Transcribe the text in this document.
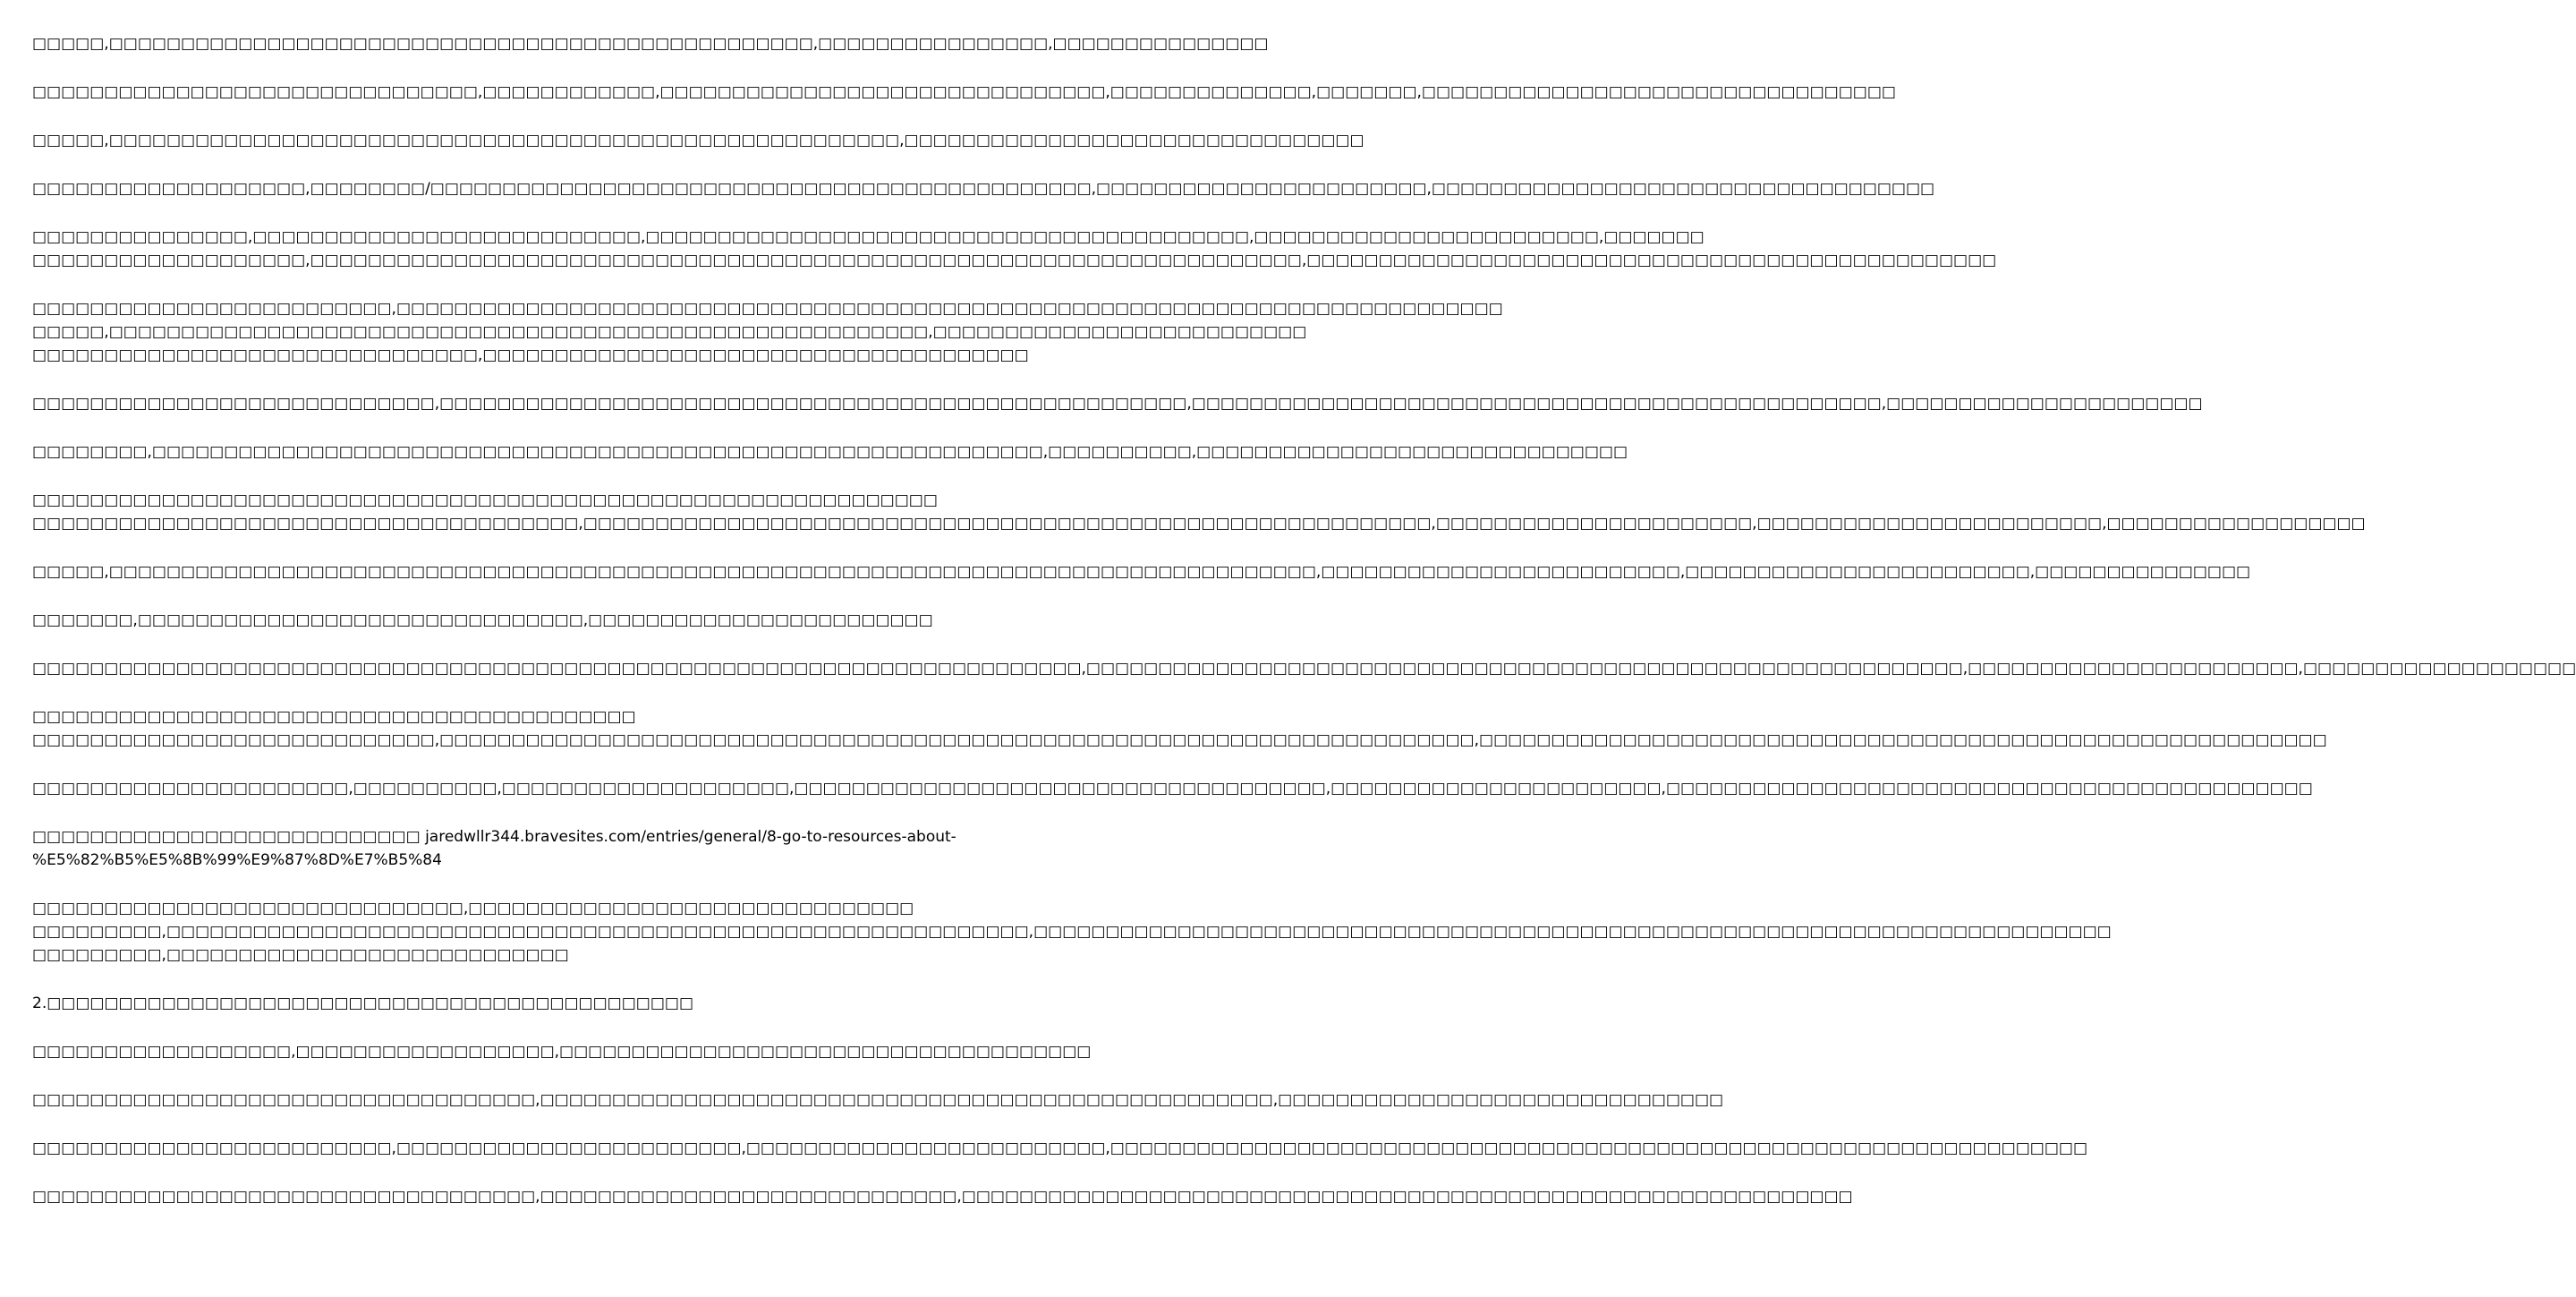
□□□□□,□□□□□□□□□□□□□□□□□□□□□□□□□□□□□□□□□□□□□□□□□□□□□□□□□,□□□□□□□□□□□□□□□□,□□□□□□□□□□□□□□□

□□□□□□□□□□□□□□□□□□□□□□□□□□□□□□□,□□□□□□□□□□□□,□□□□□□□□□□□□□□□□□□□□□□□□□□□□□□□,□□□□□□□□□□□□□□,□□□□□□□,□□□□□□□□□□□□□□□□□□□□□□□□□□□□□□□□□

□□□□□,□□□□□□□□□□□□□□□□□□□□□□□□□□□□□□□□□□□□□□□□□□□□□□□□□□□□□□□,□□□□□□□□□□□□□□□□□□□□□□□□□□□□□□□□

□□□□□□□□□□□□□□□□□□□,□□□□□□□□/□□□□□□□□□□□□□□□□□□□□□□□□□□□□□□□□□□□□□□□□□□□□□□,□□□□□□□□□□□□□□□□□□□□□□□,□□□□□□□□□□□□□□□□□□□□□□□□□□□□□□□□□□□

□□□□□□□□□□□□□□□,□□□□□□□□□□□□□□□□□□□□□□□□□□□,□□□□□□□□□□□□□□□□□□□□□□□□□□□□□□□□□□□□□□□□□□,□□□□□□□□□□□□□□□□□□□□□□□□,□□□□□□□
□□□□□□□□□□□□□□□□□□□,□□□□□□□□□□□□□□□□□□□□□□□□□□□□□□□□□□□□□□□□□□□□□□□□□□□□□□□□□□□□□□□□□□□□□,□□□□□□□□□□□□□□□□□□□□□□□□□□□□□□□□□□□□□□□□□□□□□□□□

□□□□□□□□□□□□□□□□□□□□□□□□□,□□□□□□□□□□□□□□□□□□□□□□□□□□□□□□□□□□□□□□□□□□□□□□□□□□□□□□□□□□□□□□□□□□□□□□□□□□□□□
□□□□□,□□□□□□□□□□□□□□□□□□□□□□□□□□□□□□□□□□□□□□□□□□□□□□□□□□□□□□□□□,□□□□□□□□□□□□□□□□□□□□□□□□□□
□□□□□□□□□□□□□□□□□□□□□□□□□□□□□□□,□□□□□□□□□□□□□□□□□□□□□□□□□□□□□□□□□□□□□□

□□□□□□□□□□□□□□□□□□□□□□□□□□□□,□□□□□□□□□□□□□□□□□□□□□□□□□□□□□□□□□□□□□□□□□□□□□□□□□□□□,□□□□□□□□□□□□□□□□□□□□□□□□□□□□□□□□□□□□□□□□□□□□□□□□,□□□□□□□□□□□□□□□□□□□□□□

□□□□□□□□,□□□□□□□□□□□□□□□□□□□□□□□□□□□□□□□□□□□□□□□□□□□□□□□□□□□□□□□□□□□□□□,□□□□□□□□□□,□□□□□□□□□□□□□□□□□□□□□□□□□□□□□□

□□□□□□□□□□□□□□□□□□□□□□□□□□□□□□□□□□□□□□□□□□□□□□□□□□□□□□□□□□□□□□□
□□□□□□□□□□□□□□□□□□□□□□□□□□□□□□□□□□□□□□,□□□□□□□□□□□□□□□□□□□□□□□□□□□□□□□□□□□□□□□□□□□□□□□□□□□□□□□□□□□,□□□□□□□□□□□□□□□□□□□□□□,□□□□□□□□□□□□□□□□□□□□□□□□,□□□□□□□□□□□□□□□□□□

□□□□□,□□□□□□□□□□□□□□□□□□□□□□□□□□□□□□□□□□□□□□□□□□□□□□□□□□□□□□□□□□□□□□□□□□□□□□□□□□□□□□□□□□□□,□□□□□□□□□□□□□□□□□□□□□□□□□,□□□□□□□□□□□□□□□□□□□□□□□□,□□□□□□□□□□□□□□□

□□□□□□□,□□□□□□□□□□□□□□□□□□□□□□□□□□□□□□□,□□□□□□□□□□□□□□□□□□□□□□□□

□□□□□□□□□□□□□□□□□□□□□□□□□□□□□□□□□□□□□□□□□□□□□□□□□□□□□□□□□□□□□□□□□□□□□□□□□,□□□□□□□□□□□□□□□□□□□□□□□□□□□□□□□□□□□□□□□□□□□□□□□□□□□□□□□□□□□□□,□□□□□□□□□□□□□□□□□□□□□□□,□□□□□□□□□□□□□□□□□□□

□□□□□□□□□□□□□□□□□□□□□□□□□□□□□□□□□□□□□□□□□□
□□□□□□□□□□□□□□□□□□□□□□□□□□□□,□□□□□□□□□□□□□□□□□□□□□□□□□□□□□□□□□□□□□□□□□□□□□□□□□□□□□□□□□□□□□□□□□□□□□□□□,□□□□□□□□□□□□□□□□□□□□□□□□□□□□□□□□□□□□□□□□□□□□□□□□□□□□□□□□□□□

□□□□□□□□□□□□□□□□□□□□□□,□□□□□□□□□□,□□□□□□□□□□□□□□□□□□□□,□□□□□□□□□□□□□□□□□□□□□□□□□□□□□□□□□□□□□,□□□□□□□□□□□□□□□□□□□□□□□,□□□□□□□□□□□□□□□□□□□□□□□□□□□□□□□□□□□□□□□□□□□□□

□□□□□□□□□□□□□□□□□□□□□□□□□□□ jaredwllr344.bravesites.com/entries/general/8-go-to-resources-about-
%E5%82%B5%E5%8B%99%E9%87%8D%E7%B5%84

□□□□□□□□□□□□□□□□□□□□□□□□□□□□□□,□□□□□□□□□□□□□□□□□□□□□□□□□□□□□□□
□□□□□□□□□,□□□□□□□□□□□□□□□□□□□□□□□□□□□□□□□□□□□□□□□□□□□□□□□□□□□□□□□□□□□□,□□□□□□□□□□□□□□□□□□□□□□□□□□□□□□□□□□□□□□□□□□□□□□□□□□□□□□□□□□□□□□□□□□□□□□□□□□□
□□□□□□□□□,□□□□□□□□□□□□□□□□□□□□□□□□□□□□

2.□□□□□□□□□□□□□□□□□□□□□□□□□□□□□□□□□□□□□□□□□□□□□

□□□□□□□□□□□□□□□□□□,□□□□□□□□□□□□□□□□□□,□□□□□□□□□□□□□□□□□□□□□□□□□□□□□□□□□□□□□

□□□□□□□□□□□□□□□□□□□□□□□□□□□□□□□□□□□,□□□□□□□□□□□□□□□□□□□□□□□□□□□□□□□□□□□□□□□□□□□□□□□□□□□,□□□□□□□□□□□□□□□□□□□□□□□□□□□□□□□

□□□□□□□□□□□□□□□□□□□□□□□□□,□□□□□□□□□□□□□□□□□□□□□□□□,□□□□□□□□□□□□□□□□□□□□□□□□□,□□□□□□□□□□□□□□□□□□□□□□□□□□□□□□□□□□□□□□□□□□□□□□□□□□□□□□□□□□□□□□□□□□□□

□□□□□□□□□□□□□□□□□□□□□□□□□□□□□□□□□□□,□□□□□□□□□□□□□□□□□□□□□□□□□□□□□,□□□□□□□□□□□□□□□□□□□□□□□□□□□□□□□□□□□□□□□□□□□□□□□□□□□□□□□□□□□□□□
